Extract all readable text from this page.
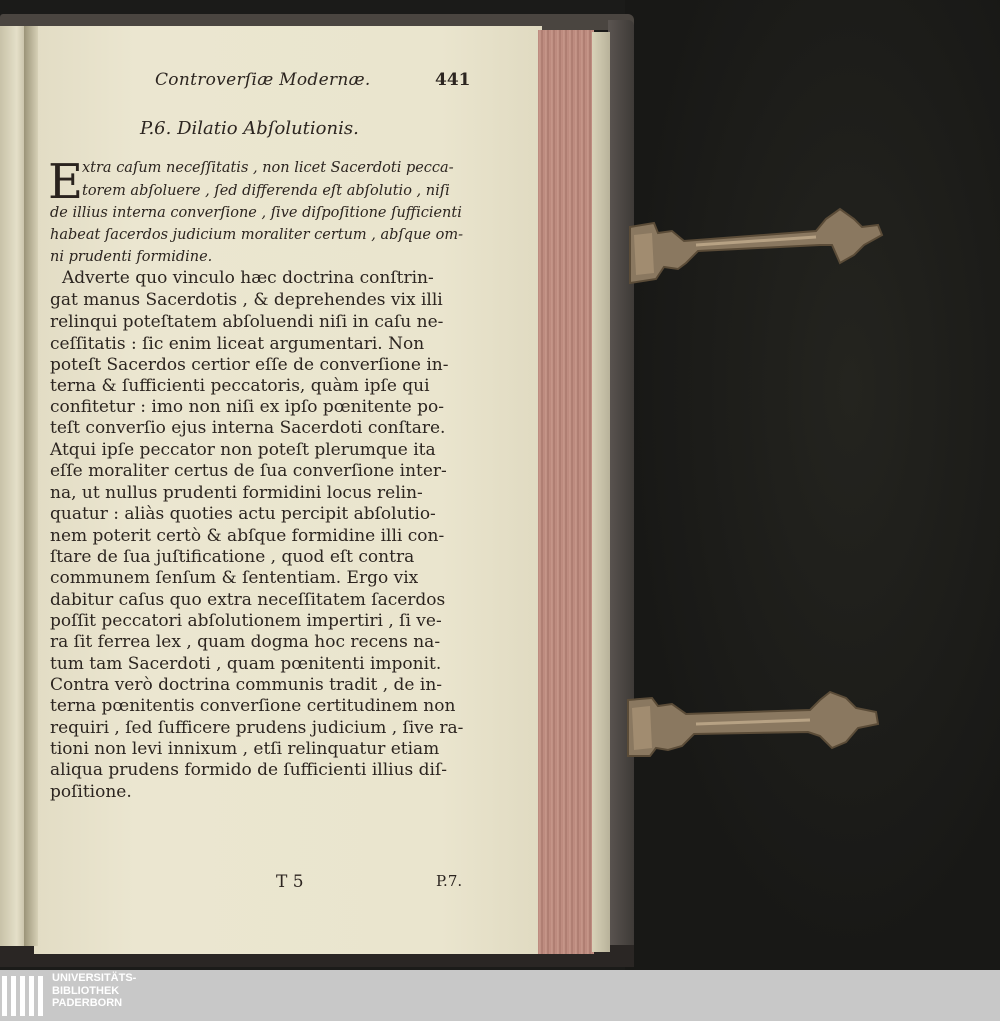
Controverſiæ Modernæ.	441
P.6. Dilatio Abſolutionis.
E
xtra caſum neceſſitatis , non licet Sacerdoti pecca-
torem abſoluere , ſed differenda eſt abſolutio , niſi
de illius interna converſione , ſive diſpoſitione ſufficienti
habeat ſacerdos judicium moraliter certum , abſque om-
ni prudenti formidine.
Adverte quo vinculo hæc doctrina conſtrin-
gat manus Sacerdotis , & deprehendes vix illi
relinqui poteſtatem abſoluendi niſi in caſu ne-
ceſſitatis : ſic enim liceat argumentari. Non
poteſt Sacerdos certior eſſe de converſione in-
terna & ſufficienti peccatoris, quàm ipſe qui
confitetur : imo non niſi ex ipſo pœnitente po-
teſt converſio ejus interna Sacerdoti conſtare.
Atqui ipſe peccator non poteſt plerumque ita
eſſe moraliter certus de ſua converſione inter-
na, ut nullus prudenti formidini locus relin-
quatur : aliàs quoties actu percipit abſolutio-
nem poterit certò & abſque formidine illi con-
ſtare de ſua juſtificatione , quod eſt contra
communem ſenſum & ſententiam. Ergo vix
dabitur caſus quo extra neceſſitatem ſacerdos
poſſit peccatori abſolutionem impertiri , ſi ve-
ra ſit ferrea lex , quam dogma hoc recens na-
tum tam Sacerdoti , quam pœnitenti imponit.
Contra verò doctrina communis tradit , de in-
terna pœnitentis converſione certitudinem non
requiri , ſed ſufficere prudens judicium , ſive ra-
tioni non levi innixum , etſi relinquatur etiam
aliqua prudens formido de ſufficienti illius diſ-
poſitione.
T 5	P.7.
UNIVERSITÄTS-
BIBLIOTHEK
PADERBORN
